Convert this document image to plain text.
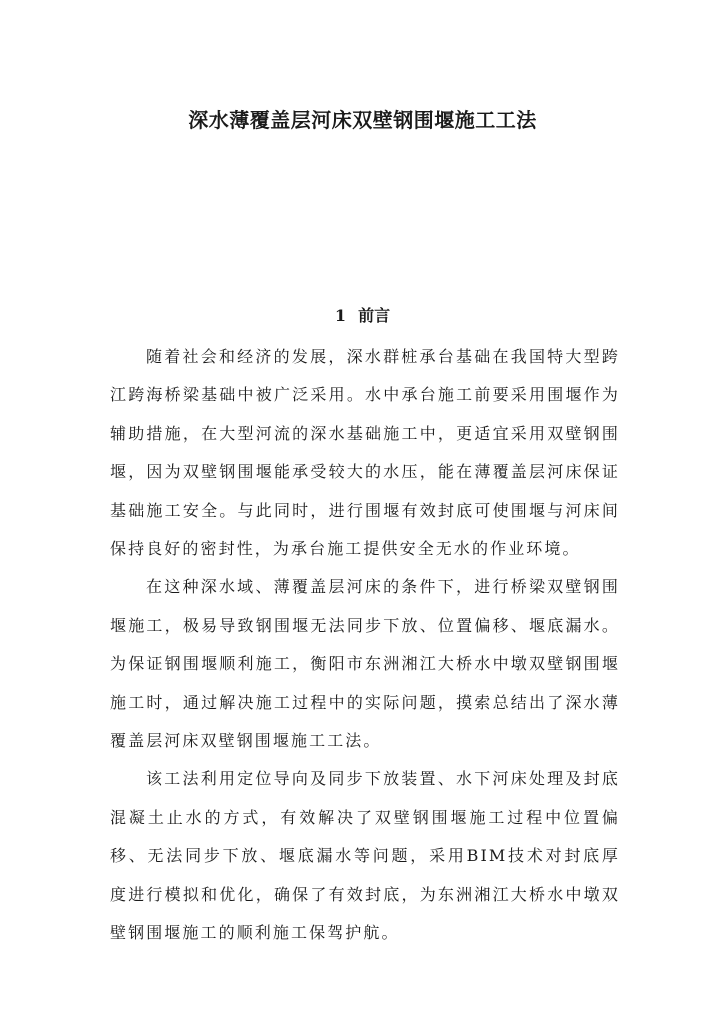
深水薄覆盖层河床双壁钢围堰施工工法
1 前言

随着社会和经济的发展，深水群桩承台基础在我国特大型跨江跨海桥梁基础中被广泛采用。水中承台施工前要采用围堰作为辅助措施，在大型河流的深水基础施工中，更适宜采用双壁钢围堰，因为双壁钢围堰能承受较大的水压，能在薄覆盖层河床保证基础施工安全。与此同时，进行围堰有效封底可使围堰与河床间保持良好的密封性，为承台施工提供安全无水的作业环境。

在这种深水域、薄覆盖层河床的条件下，进行桥梁双壁钢围堰施工，极易导致钢围堰无法同步下放、位置偏移、堰底漏水。为保证钢围堰顺利施工，衡阳市东洲湘江大桥水中墩双壁钢围堰施工时，通过解决施工过程中的实际问题，摸索总结出了深水薄覆盖层河床双壁钢围堰施工工法。

该工法利用定位导向及同步下放装置、水下河床处理及封底混凝土止水的方式，有效解决了双壁钢围堰施工过程中位置偏移、无法同步下放、堰底漏水等问题，采用BIM技术对封底厚度进行模拟和优化，确保了有效封底，为东洲湘江大桥水中墩双壁钢围堰施工的顺利施工保驾护航。
